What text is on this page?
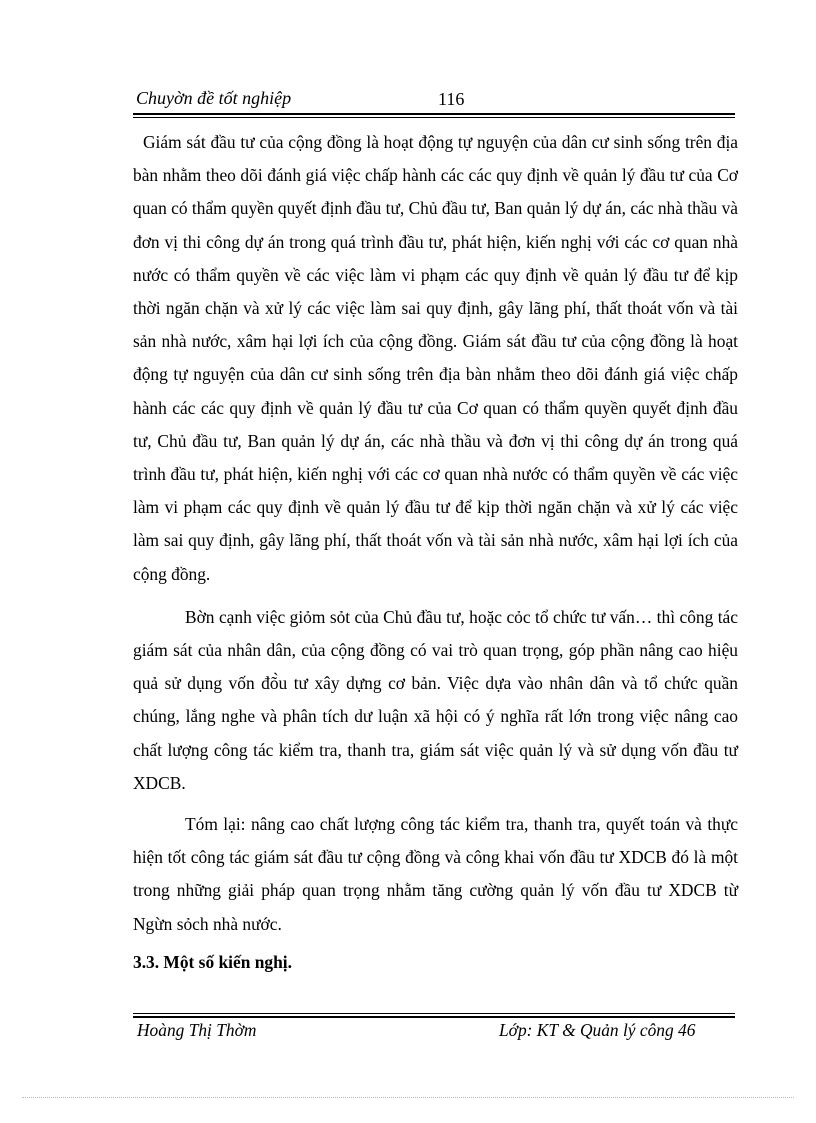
Chuyờn đề tốt nghiệp	116

Giám sát đầu tư của cộng đồng là hoạt động tự nguyện của dân cư sinh sống trên địa bàn nhằm theo dõi đánh giá việc chấp hành các các quy định về quản lý đầu tư của Cơ quan có thẩm quyền quyết định đầu tư, Chủ đầu tư, Ban quản lý dự án, các nhà thầu và đơn vị thi công dự án trong quá trình đầu tư, phát hiện, kiến nghị với các cơ quan nhà nước có thẩm quyền về các việc làm vi phạm các quy định về quản lý đầu tư để kịp thời ngăn chặn và xử lý các việc làm sai quy định, gây lãng phí, thất thoát vốn và tài sản nhà nước, xâm hại lợi ích của cộng đồng. Giám sát đầu tư của cộng đồng là hoạt động tự nguyện của dân cư sinh sống trên địa bàn nhằm theo dõi đánh giá việc chấp hành các các quy định về quản lý đầu tư của Cơ quan có thẩm quyền quyết định đầu tư, Chủ đầu tư, Ban quản lý dự án, các nhà thầu và đơn vị thi công dự án trong quá trình đầu tư, phát hiện, kiến nghị với các cơ quan nhà nước có thẩm quyền về các việc làm vi phạm các quy định về quản lý đầu tư để kịp thời ngăn chặn và xử lý các việc làm sai quy định, gây lãng phí, thất thoát vốn và tài sản nhà nước, xâm hại lợi ích của cộng đồng.

Bờn cạnh việc giỏm sỏt của Chủ đầu tư, hoặc cỏc tổ chức tư vấn… thì công tác giám sát của nhân dân, của cộng đồng có vai trò quan trọng, góp phần nâng cao hiệu quả sử dụng vốn đõ̀u tư xây dựng cơ bản. Việc dựa vào nhân dân và tổ chức quần chúng, lắng nghe và phân tích dư luận xã hội có ý nghĩa rất lớn trong việc nâng cao chất lượng công tác kiểm tra, thanh tra, giám sát việc quản lý và sử dụng vốn đầu tư XDCB.

Tóm lại: nâng cao chất lượng công tác kiểm tra, thanh tra, quyết toán và thực hiện tốt công tác giám sát đầu tư cộng đồng và công khai vốn đầu tư XDCB đó là một trong những giải pháp quan trọng nhằm tăng cường quản lý vốn đầu tư XDCB từ Ngừn sỏch nhà nước.

3.3. Một số kiến nghị.
Hoàng Thị Thờm	Lớp: KT & Quản lý công 46
